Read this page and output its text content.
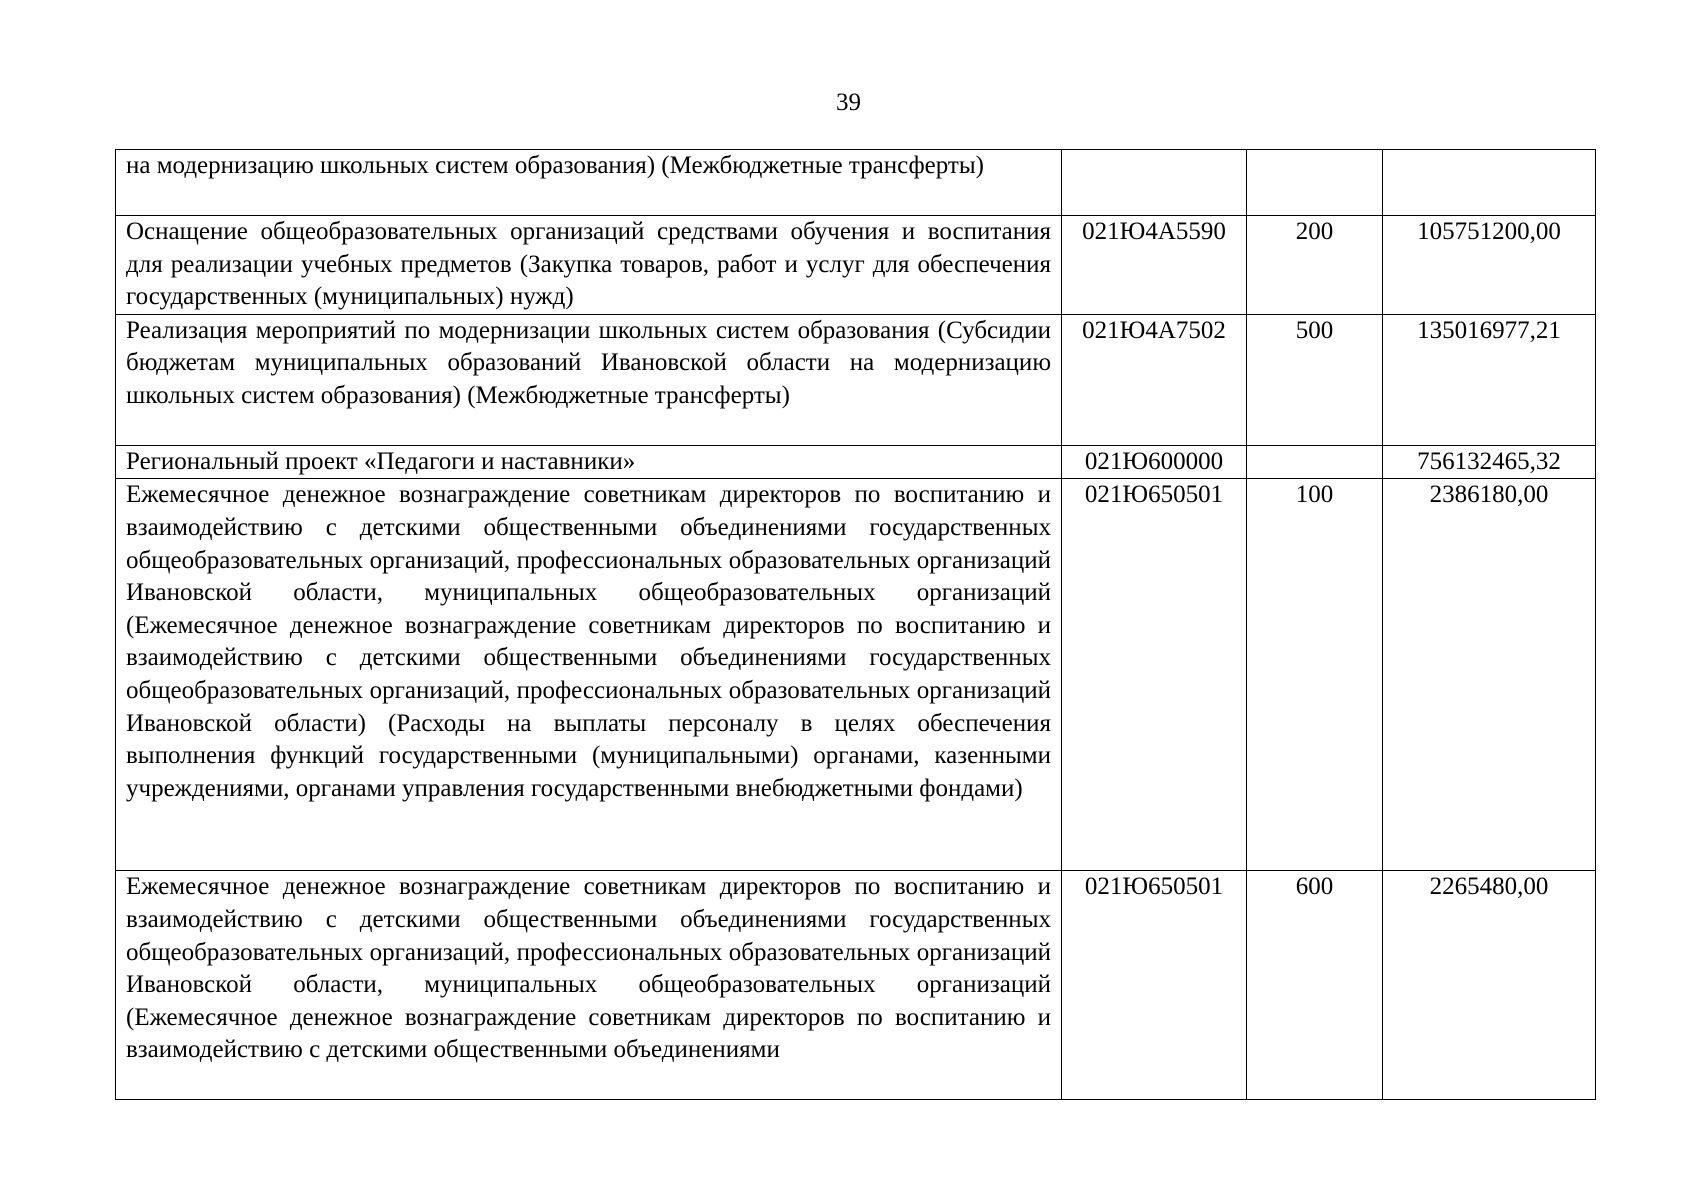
39
на модернизацию школьных систем образования) (Межбюджетные трансферты)			
Оснащение общеобразовательных организаций средствами обучения и воспитания для реализации учебных предметов (Закупка товаров, работ и услуг для обеспечения государственных (муниципальных) нужд)	021Ю4А5590	200	105751200,00
Реализация мероприятий по модернизации школьных систем образования (Субсидии бюджетам муниципальных образований Ивановской области на модернизацию школьных систем образования) (Межбюджетные трансферты)	021Ю4А7502	500	135016977,21
Региональный проект «Педагоги и наставники»	021Ю600000		756132465,32
Ежемесячное денежное вознаграждение советникам директоров по воспитанию и взаимодействию с детскими общественными объединениями государственных общеобразовательных организаций, профессиональных образовательных организаций Ивановской области, муниципальных общеобразовательных организаций (Ежемесячное денежное вознаграждение советникам директоров по воспитанию и взаимодействию с детскими общественными объединениями государственных общеобразовательных организаций, профессиональных образовательных организаций Ивановской области) (Расходы на выплаты персоналу в целях обеспечения выполнения функций государственными (муниципальными) органами, казенными учреждениями, органами управления государственными внебюджетными фондами)	021Ю650501	100	2386180,00
Ежемесячное денежное вознаграждение советникам директоров по воспитанию и взаимодействию с детскими общественными объединениями государственных общеобразовательных организаций, профессиональных образовательных организаций Ивановской области, муниципальных общеобразовательных организаций (Ежемесячное денежное вознаграждение советникам директоров по воспитанию и взаимодействию с детскими общественными объединениями	021Ю650501	600	2265480,00
